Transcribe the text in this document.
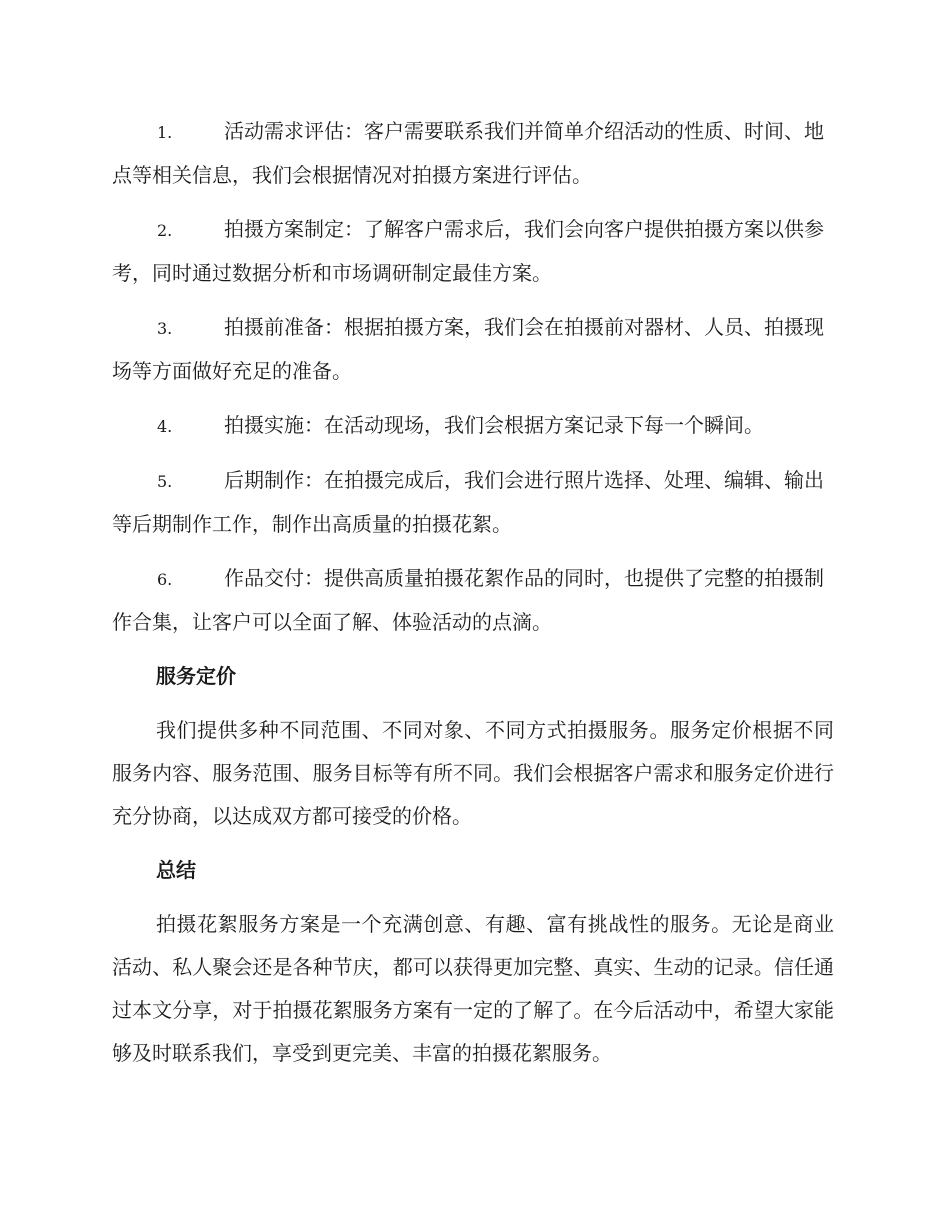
1.	活动需求评估：客户需要联系我们并简单介绍活动的性质、时间、地点等相关信息，我们会根据情况对拍摄方案进行评估。
2.	拍摄方案制定：了解客户需求后，我们会向客户提供拍摄方案以供参考，同时通过数据分析和市场调研制定最佳方案。
3.	拍摄前准备：根据拍摄方案，我们会在拍摄前对器材、人员、拍摄现场等方面做好充足的准备。
4.	拍摄实施：在活动现场，我们会根据方案记录下每一个瞬间。
5.	后期制作：在拍摄完成后，我们会进行照片选择、处理、编辑、输出等后期制作工作，制作出高质量的拍摄花絮。
6.	作品交付：提供高质量拍摄花絮作品的同时，也提供了完整的拍摄制作合集，让客户可以全面了解、体验活动的点滴。
服务定价
我们提供多种不同范围、不同对象、不同方式拍摄服务。服务定价根据不同服务内容、服务范围、服务目标等有所不同。我们会根据客户需求和服务定价进行充分协商，以达成双方都可接受的价格。
总结
拍摄花絮服务方案是一个充满创意、有趣、富有挑战性的服务。无论是商业活动、私人聚会还是各种节庆，都可以获得更加完整、真实、生动的记录。信任通过本文分享，对于拍摄花絮服务方案有一定的了解了。在今后活动中，希望大家能够及时联系我们，享受到更完美、丰富的拍摄花絮服务。
